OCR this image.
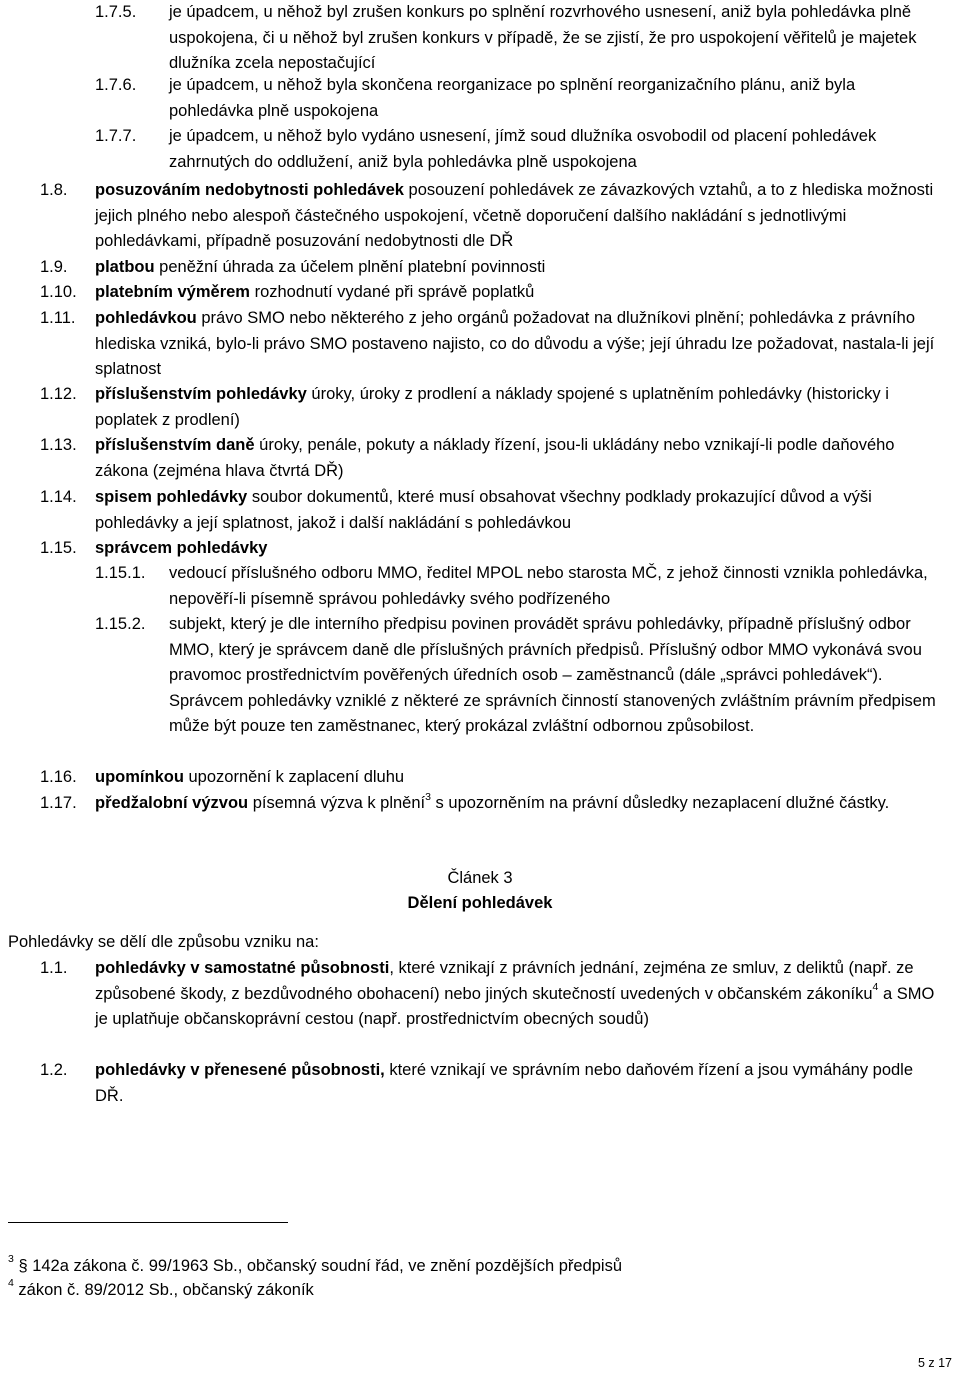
1.7.5.	je úpadcem, u něhož byl zrušen konkurs po splnění rozvrhového usnesení, aniž byla pohledávka plně uspokojena, či u něhož byl zrušen konkurs v případě, že se zjistí, že pro uspokojení věřitelů je majetek dlužníka zcela nepostačující
1.7.6.	je úpadcem, u něhož byla skončena reorganizace po splnění reorganizačního plánu, aniž byla pohledávka plně uspokojena
1.7.7.	je úpadcem, u něhož bylo vydáno usnesení, jímž soud dlužníka osvobodil od placení pohledávek zahrnutých do oddlužení, aniž byla pohledávka plně uspokojena
1.8.	posuzováním nedobytnosti pohledávek posouzení pohledávek ze závazkových vztahů, a to z hlediska možnosti jejich plného nebo alespoň částečného uspokojení, včetně doporučení dalšího nakládání s jednotlivými pohledávkami, případně posuzování nedobytnosti dle DŘ
1.9.	platbou peněžní úhrada za účelem plnění platební povinnosti
1.10.	platebním výměrem rozhodnutí vydané při správě poplatků
1.11.	pohledávkou právo SMO nebo některého z jeho orgánů požadovat na dlužníkovi plnění; pohledávka z právního hlediska vzniká, bylo-li právo SMO postaveno najisto, co do důvodu a výše; její úhradu lze požadovat, nastala-li její splatnost
1.12.	příslušenstvím pohledávky úroky, úroky z prodlení a náklady spojené s uplatněním pohledávky (historicky i poplatek z prodlení)
1.13.	příslušenstvím daně úroky, penále, pokuty a náklady řízení, jsou-li ukládány nebo vznikají-li podle daňového zákona (zejména hlava čtvrtá DŘ)
1.14.	spisem pohledávky soubor dokumentů, které musí obsahovat všechny podklady prokazující důvod a výši pohledávky a její splatnost, jakož i další nakládání s pohledávkou
1.15.	správcem pohledávky
1.15.1.	vedoucí příslušného odboru MMO, ředitel MPOL nebo starosta MČ, z jehož činnosti vznikla pohledávka, nepověří-li písemně správou pohledávky svého podřízeného
1.15.2.	subjekt, který je dle interního předpisu povinen provádět správu pohledávky, případně příslušný odbor MMO, který je správcem daně dle příslušných právních předpisů. Příslušný odbor MMO vykonává svou pravomoc prostřednictvím pověřených úředních osob – zaměstnanců (dále „správci pohledávek“). Správcem pohledávky vzniklé z některé ze správních činností stanovených zvláštním právním předpisem může být pouze ten zaměstnanec, který prokázal zvláštní odbornou způsobilost.
1.16.	upomínkou upozornění k zaplacení dluhu
1.17.	předžalobní výzvou písemná výzva k plnění$^3$ s upozorněním na právní důsledky nezaplacení dlužné částky.
Článek 3
Dělení pohledávek
Pohledávky se dělí dle způsobu vzniku na:
1.1.	pohledávky v samostatné působnosti, které vznikají z právních jednání, zejména ze smluv, z deliktů (např. ze způsobené škody, z bezdůvodného obohacení) nebo jiných skutečností uvedených v občanském zákoníku$^4$ a SMO je uplatňuje občanskoprávní cestou (např. prostřednictvím obecných soudů)
1.2.	pohledávky v přenesené působnosti, které vznikají ve správním nebo daňovém řízení a jsou vymáhány podle DŘ.
$^3$ § 142a zákona č. 99/1963 Sb., občanský soudní řád, ve znění pozdějších předpisů
$^4$ zákon č. 89/2012 Sb., občanský zákoník
5 z 17
